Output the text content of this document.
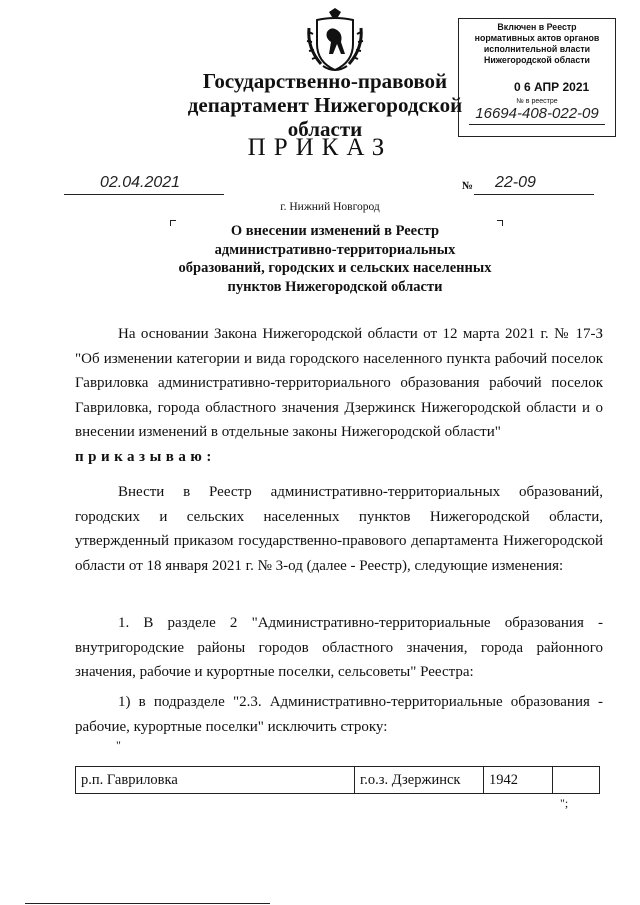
Включен в Реестр
нормативных актов органов
исполнительной власти
Нижегородской области
№ в реестре
16694-408-022-09
Государственно-правовой департамент Нижегородской области
0 6 АПР 2021
ПРИКАЗ
02.04.2021
г. Нижний Новгород
№ 22-09
О внесении изменений в Реестр административно-территориальных образований, городских и сельских населенных пунктов Нижегородской области
На основании Закона Нижегородской области от 12 марта 2021 г. № 17-З "Об изменении категории и вида городского населенного пункта рабочий поселок Гавриловка административно-территориального образования рабочий поселок Гавриловка, города областного значения Дзержинск Нижегородской области и о внесении изменений в отдельные законы Нижегородской области"
приказываю:
Внести в Реестр административно-территориальных образований, городских и сельских населенных пунктов Нижегородской области, утвержденный приказом государственно-правового департамента Нижегородской области от 18 января 2021 г. № 3-од (далее - Реестр), следующие изменения:
1. В разделе 2 "Административно-территориальные образования - внутригородские районы городов областного значения, города районного значения, рабочие и курортные поселки, сельсоветы" Реестра:
1) в подразделе "2.3. Административно-территориальные образования - рабочие, курортные поселки" исключить строку:
"
р.п. Гавриловка	г.о.з. Дзержинск	1942	
";
